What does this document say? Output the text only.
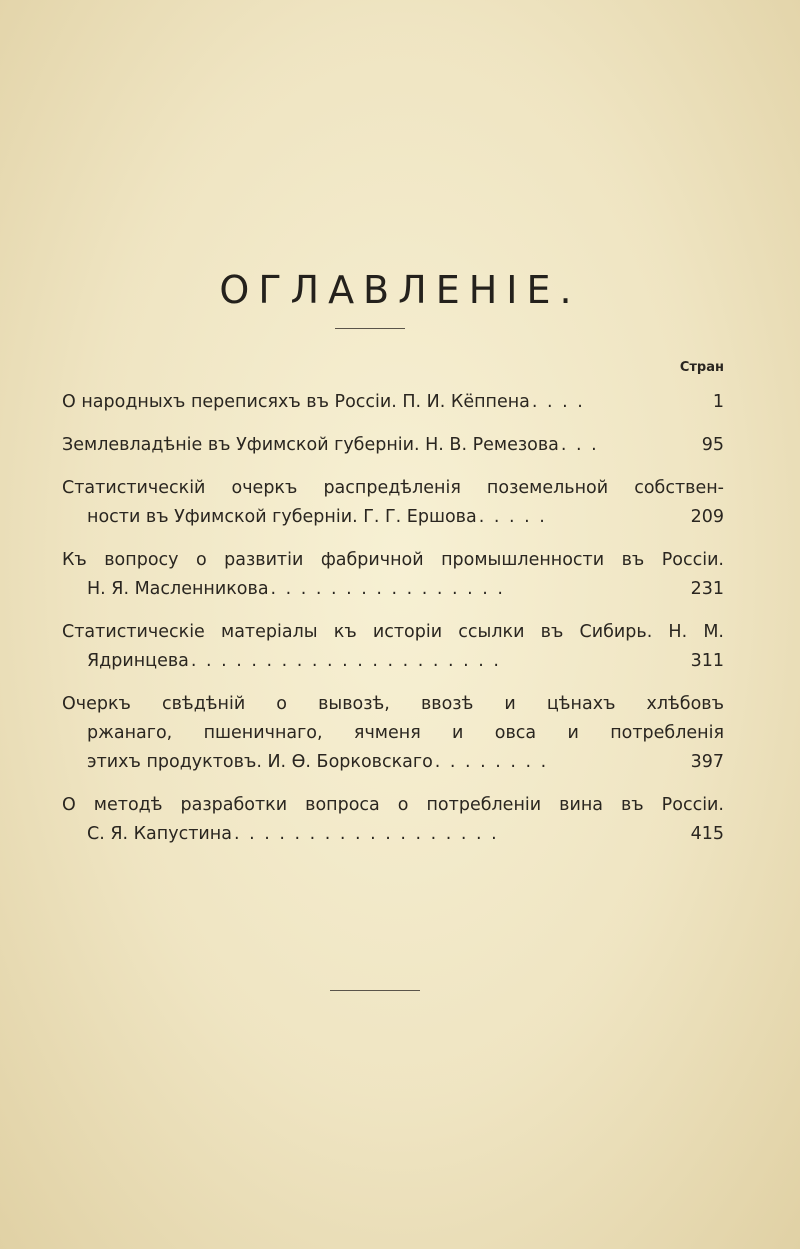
ОГЛАВЛЕНІЕ.
Стран
О народныхъ переписяхъ въ Россіи. П. И. Кёппена . . . .	1
Землевладѣніе въ Уфимской губерніи. Н. В. Ремезова . . .	95
Статистическій очеркъ распредѣленія поземельной собствен-
ности въ Уфимской губерніи. Г. Г. Ершова . . . . .	209
Къ вопросу о развитіи фабричной промышленности въ Россіи.
Н. Я. Масленникова . . . . . . . . . . . . . . . .	231
Статистическіе матеріалы къ исторіи ссылки въ Сибирь. Н. М.
Ядринцева . . . . . . . . . . . . . . . . . . . . .	311
Очеркъ свѣдѣній о вывозѣ, ввозѣ и цѣнахъ хлѣбовъ
ржанаго, пшеничнаго, ячменя и овса и потребленія
этихъ продуктовъ. И. Ѳ. Борковскаго . . . . . . . .	397
О методѣ разработки вопроса о потребленіи вина въ Россіи.
С. Я. Капустина . . . . . . . . . . . . . . . . . .	415
